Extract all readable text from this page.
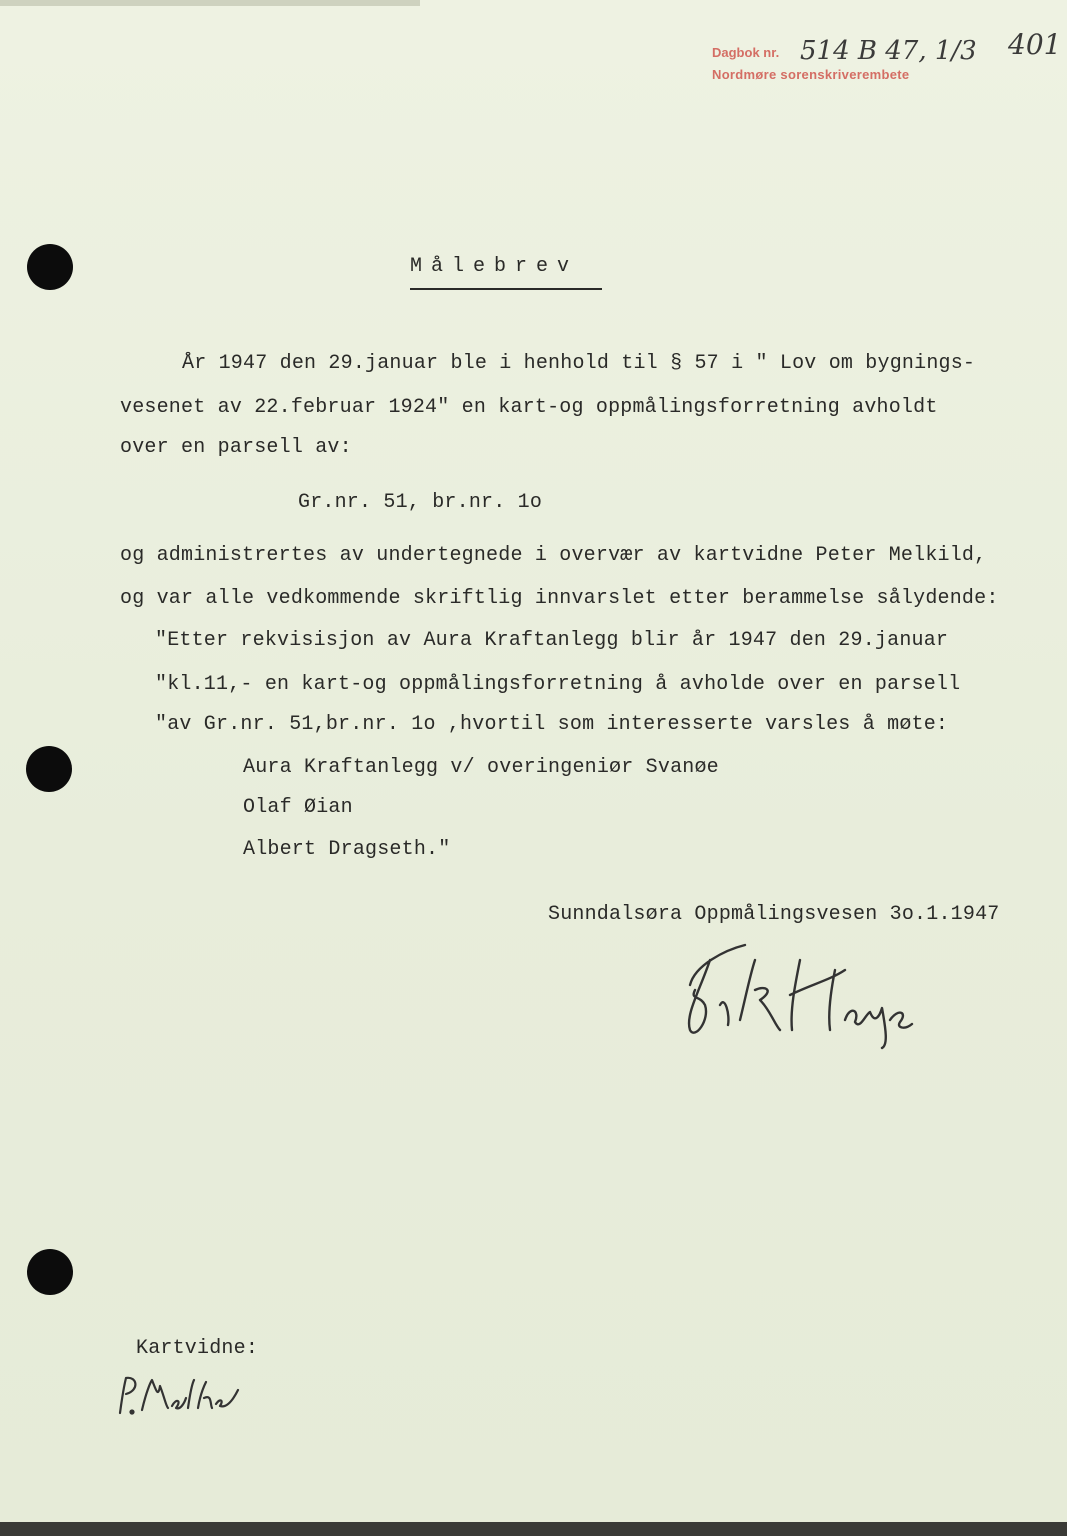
Dagbok nr.
Nordmøre sorenskriverembete
514 B 47, 1/3 401
Målebrev
År 1947 den 29.januar ble i henhold til § 57 i " Lov om bygnings-
vesenet av 22.februar 1924" en kart-og oppmålingsforretning avholdt
over en parsell av:
Gr.nr. 51, br.nr. 1o
og administrertes av undertegnede i overvær av kartvidne Peter Melkild,
og var alle vedkommende skriftlig innvarslet etter berammelse sålydende:
"Etter rekvisisjon av Aura Kraftanlegg blir år 1947 den 29.januar
"kl.11,- en kart-og oppmålingsforretning å avholde over en parsell
"av Gr.nr. 51,br.nr. 1o ,hvortil som interesserte varsles å møte:
Aura Kraftanlegg v/ overingeniør Svanøe
Olaf Øian
Albert Dragseth."
Sunndalsøra Oppmålingsvesen 3o.1.1947
Kartvidne:
